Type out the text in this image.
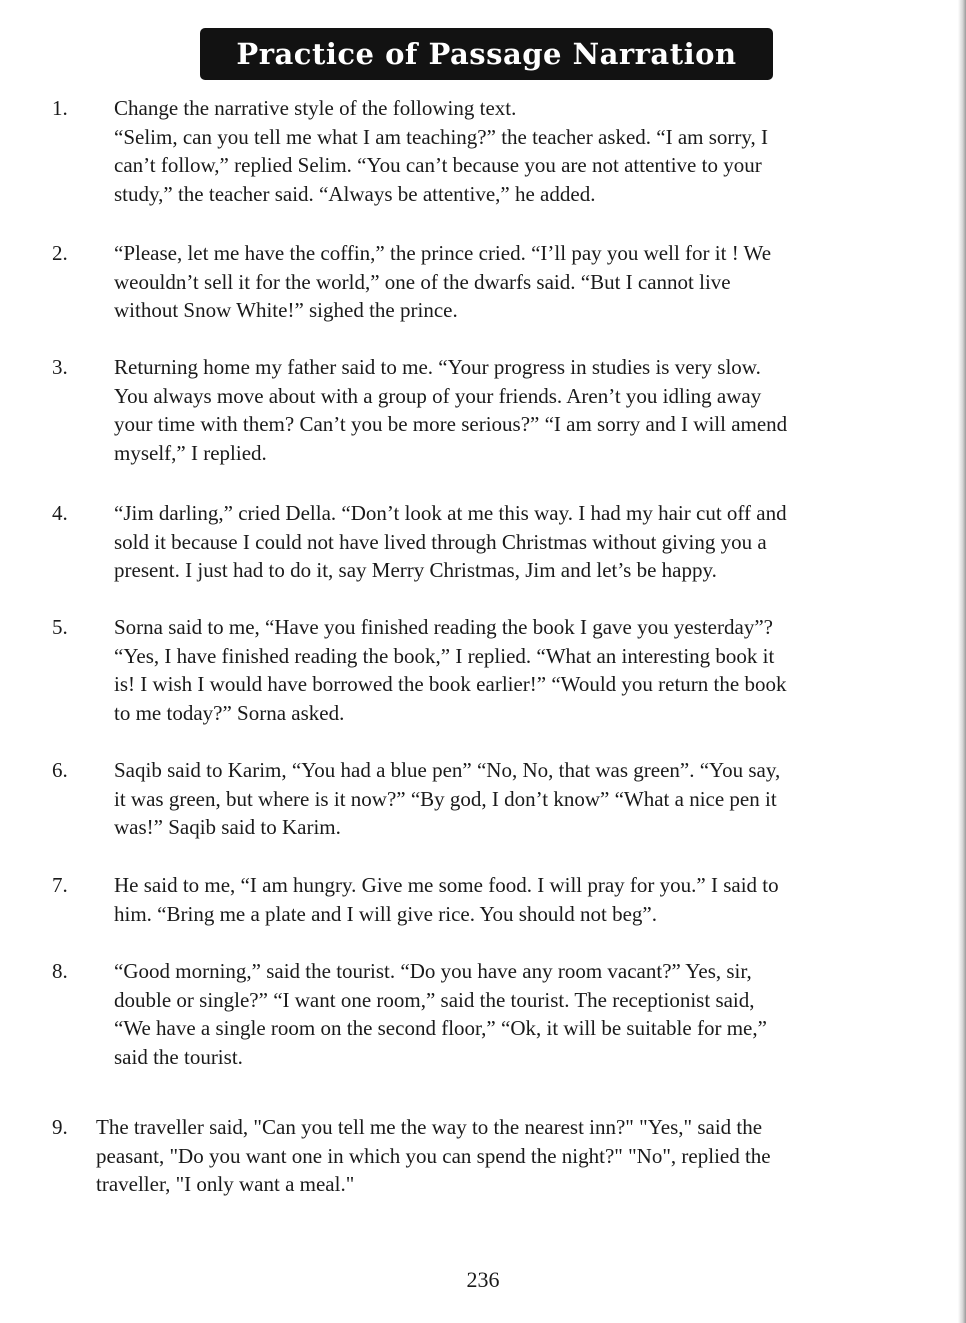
Practice of Passage Narration
1. Change the narrative style of the following text.
“Selim, can you tell me what I am teaching?” the teacher asked. “I am sorry, I
can’t follow,” replied Selim. “You can’t because you are not attentive to your
study,” the teacher said. “Always be attentive,” he added.
2. “Please, let me have the coffin,” the prince cried. “I’ll pay you well for it ! We
weouldn’t sell it for the world,” one of the dwarfs said. “But I cannot live
without Snow White!” sighed the prince.
3. Returning home my father said to me. “Your progress in studies is very slow.
You always move about with a group of your friends. Aren’t you idling away
your time with them? Can’t you be more serious?” “I am sorry and I will amend
myself,” I replied.
4. “Jim darling,” cried Della. “Don’t look at me this way. I had my hair cut off and
sold it because I could not have lived through Christmas without giving you a
present. I just had to do it, say Merry Christmas, Jim and let’s be happy.
5. Sorna said to me, “Have you finished reading the book I gave you yesterday”?
“Yes, I have finished reading the book,” I replied. “What an interesting book it
is! I wish I would have borrowed the book earlier!” “Would you return the book
to me today?” Sorna asked.
6. Saqib said to Karim, “You had a blue pen” “No, No, that was green”. “You say,
it was green, but where is it now?” “By god, I don’t know” “What a nice pen it
was!” Saqib said to Karim.
7. He said to me, “I am hungry. Give me some food. I will pray for you.” I said to
him. “Bring me a plate and I will give rice. You should not beg”.
8. “Good morning,” said the tourist. “Do you have any room vacant?” Yes, sir,
double or single?” “I want one room,” said the tourist. The receptionist said,
“We have a single room on the second floor,” “Ok, it will be suitable for me,”
said the tourist.
9. The traveller said, "Can you tell me the way to the nearest inn?" "Yes," said the
peasant, "Do you want one in which you can spend the night?" "No", replied the
traveller, "I only want a meal."
236
